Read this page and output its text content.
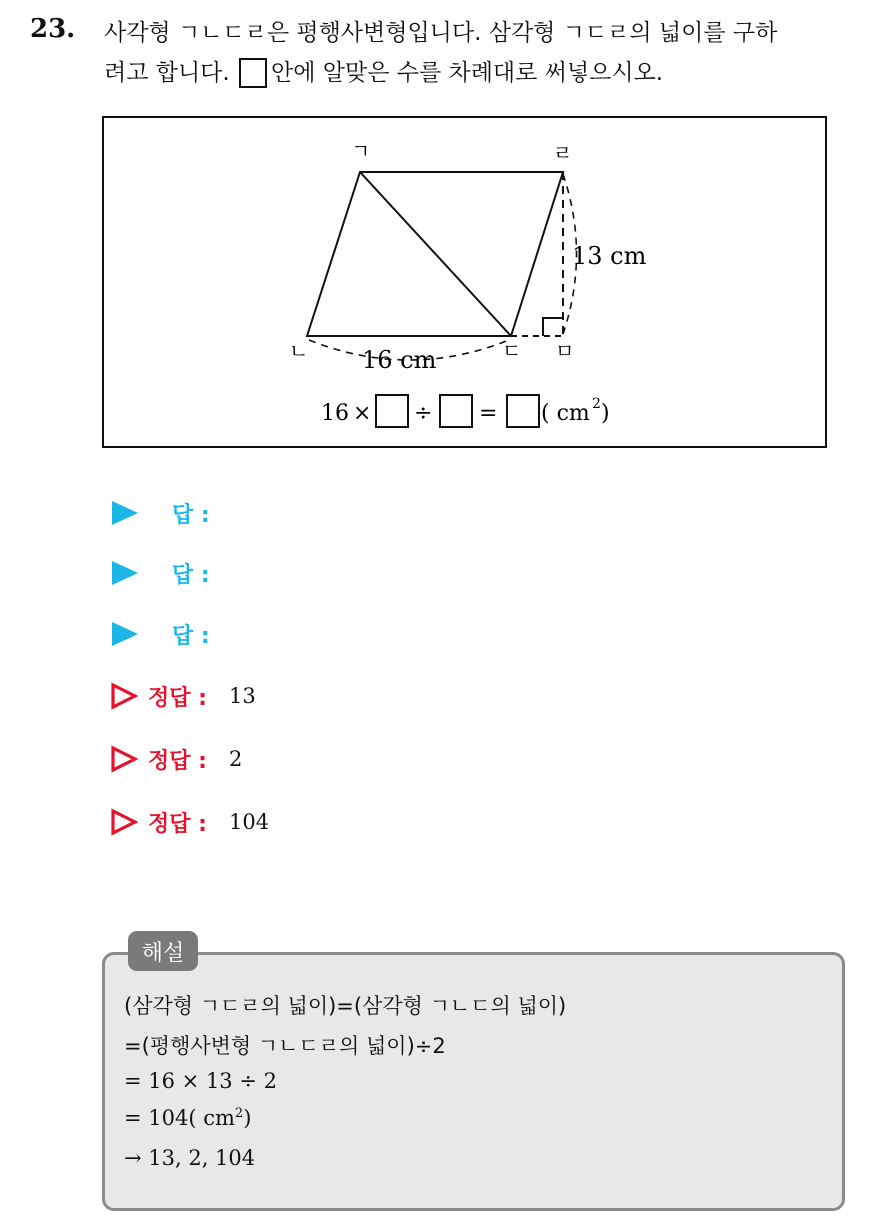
23. 사각형 ㄱㄴㄷㄹ은 평행사변형입니다. 삼각형 ㄱㄷㄹ의 넓이를 구하
려고 합니다. 안에 알맞은 수를 차례대로 써넣으시오.
ㄱ	ㄹ
ㄴ	ㄷ ㅁ
13 cm
16 cm
16 × ÷ = ( cm 2 )
답 :
답 :
답 :
정답 : 13
정답 : 2
정답 : 104
해설
(삼각형 ㄱㄷㄹ의 넓이)=(삼각형 ㄱㄴㄷ의 넓이)
=(평행사변형 ㄱㄴㄷㄹ의 넓이)÷2
= 16 × 13 ÷ 2
= 104( $cm^2$)
→ 13, 2, 104
